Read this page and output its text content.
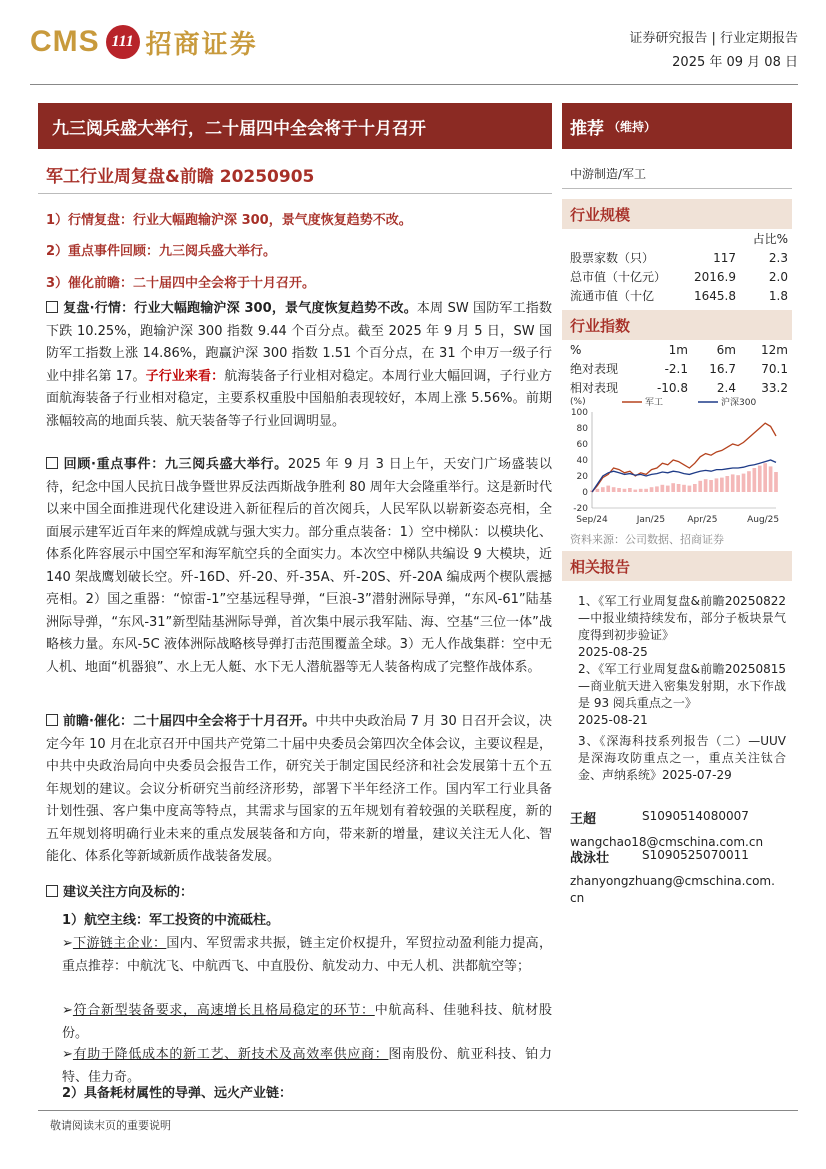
CMS 111 招商证券	证券研究报告 | 行业定期报告
2025 年 09 月 08 日
九三阅兵盛大举行，二十届四中全会将于十月召开
军工行业周复盘&前瞻 20250905
1）行情复盘：行业大幅跑输沪深 300，景气度恢复趋势不改。
2）重点事件回顾：九三阅兵盛大举行。
3）催化前瞻：二十届四中全会将于十月召开。
复盘·行情：行业大幅跑输沪深 300，景气度恢复趋势不改。本周 SW 国防军工指数下跌 10.25%，跑输沪深 300 指数 9.44 个百分点。截至 2025 年 9 月 5 日，SW 国防军工指数上涨 14.86%，跑赢沪深 300 指数 1.51 个百分点，在 31 个申万一级子行业中排名第 17。子行业来看：航海装备子行业相对稳定。本周行业大幅回调，子行业方面航海装备子行业相对稳定，主要系权重股中国船舶表现较好，本周上涨 5.56%。前期涨幅较高的地面兵装、航天装备等子行业回调明显。
回顾·重点事件：九三阅兵盛大举行。2025 年 9 月 3 日上午，天安门广场盛装以待，纪念中国人民抗日战争暨世界反法西斯战争胜利 80 周年大会隆重举行。这是新时代以来中国全面推进现代化建设进入新征程后的首次阅兵，人民军队以崭新姿态亮相，全面展示建军近百年来的辉煌成就与强大实力。部分重点装备：1）空中梯队：以模块化、体系化阵容展示中国空军和海军航空兵的全面实力。本次空中梯队共编设 9 大模块，近 140 架战鹰划破长空。歼-16D、歼-20、歼-35A、歼-20S、歼-20A 编成两个楔队震撼亮相。2）国之重器：“惊雷-1”空基远程导弹，“巨浪-3”潜射洲际导弹，“东风-61”陆基洲际导弹，“东风-31”新型陆基洲际导弹，首次集中展示我军陆、海、空基“三位一体”战略核力量。东风-5C 液体洲际战略核导弹打击范围覆盖全球。3）无人作战集群：空中无人机、地面“机器狼”、水上无人艇、水下无人潜航器等无人装备构成了完整作战体系。
前瞻·催化：二十届四中全会将于十月召开。中共中央政治局 7 月 30 日召开会议，决定今年 10 月在北京召开中国共产党第二十届中央委员会第四次全体会议，主要议程是，中共中央政治局向中央委员会报告工作，研究关于制定国民经济和社会发展第十五个五年规划的建议。会议分析研究当前经济形势，部署下半年经济工作。国内军工行业具备计划性强、客户集中度高等特点，其需求与国家的五年规划有着较强的关联程度，新的五年规划将明确行业未来的重点发展装备和方向，带来新的增量，建议关注无人化、智能化、体系化等新域新质作战装备发展。
建议关注方向及标的：
1）航空主线：军工投资的中流砥柱。
➢下游链主企业：国内、军贸需求共振，链主定价权提升，军贸拉动盈利能力提高，重点推荐：中航沈飞、中航西飞、中直股份、航发动力、中无人机、洪都航空等；
➢符合新型装备要求，高速增长且格局稳定的环节：中航高科、佳驰科技、航材股份。
➢有助于降低成本的新工艺、新技术及高效率供应商：图南股份、航亚科技、铂力特、佳力奇。
2）具备耗材属性的导弹、远火产业链：
推荐 （维持）
中游制造/军工
行业规模
		占比%
股票家数（只）	117	2.3
总市值（十亿元）	2016.9	2.0
流通市值（十亿	1645.8	1.8
行业指数
%	1m	6m	12m
绝对表现	-2.1	16.7	70.1
相对表现	-10.8	2.4	33.2
(%)
100
80
60
40
20
0
-20
军工	沪深300
Sep/24	Jan/25 Apr/25	Aug/25
资料来源：公司数据、招商证券
相关报告
1、《军工行业周复盘&前瞻20250822—中报业绩持续发布，部分子板块景气度得到初步验证》
2025-08-25
2、《军工行业周复盘&前瞻20250815—商业航天进入密集发射期，水下作战是 93 阅兵重点之一》
2025-08-21
3、《深海科技系列报告（二）—UUV 是深海攻防重点之一，重点关注钛合金、声纳系统》2025-07-29
王超	S1090514080007
wangchao18@cmschina.com.cn
战泳壮	S1090525070011
zhanyongzhuang@cmschina.com.
cn
敬请阅读末页的重要说明
